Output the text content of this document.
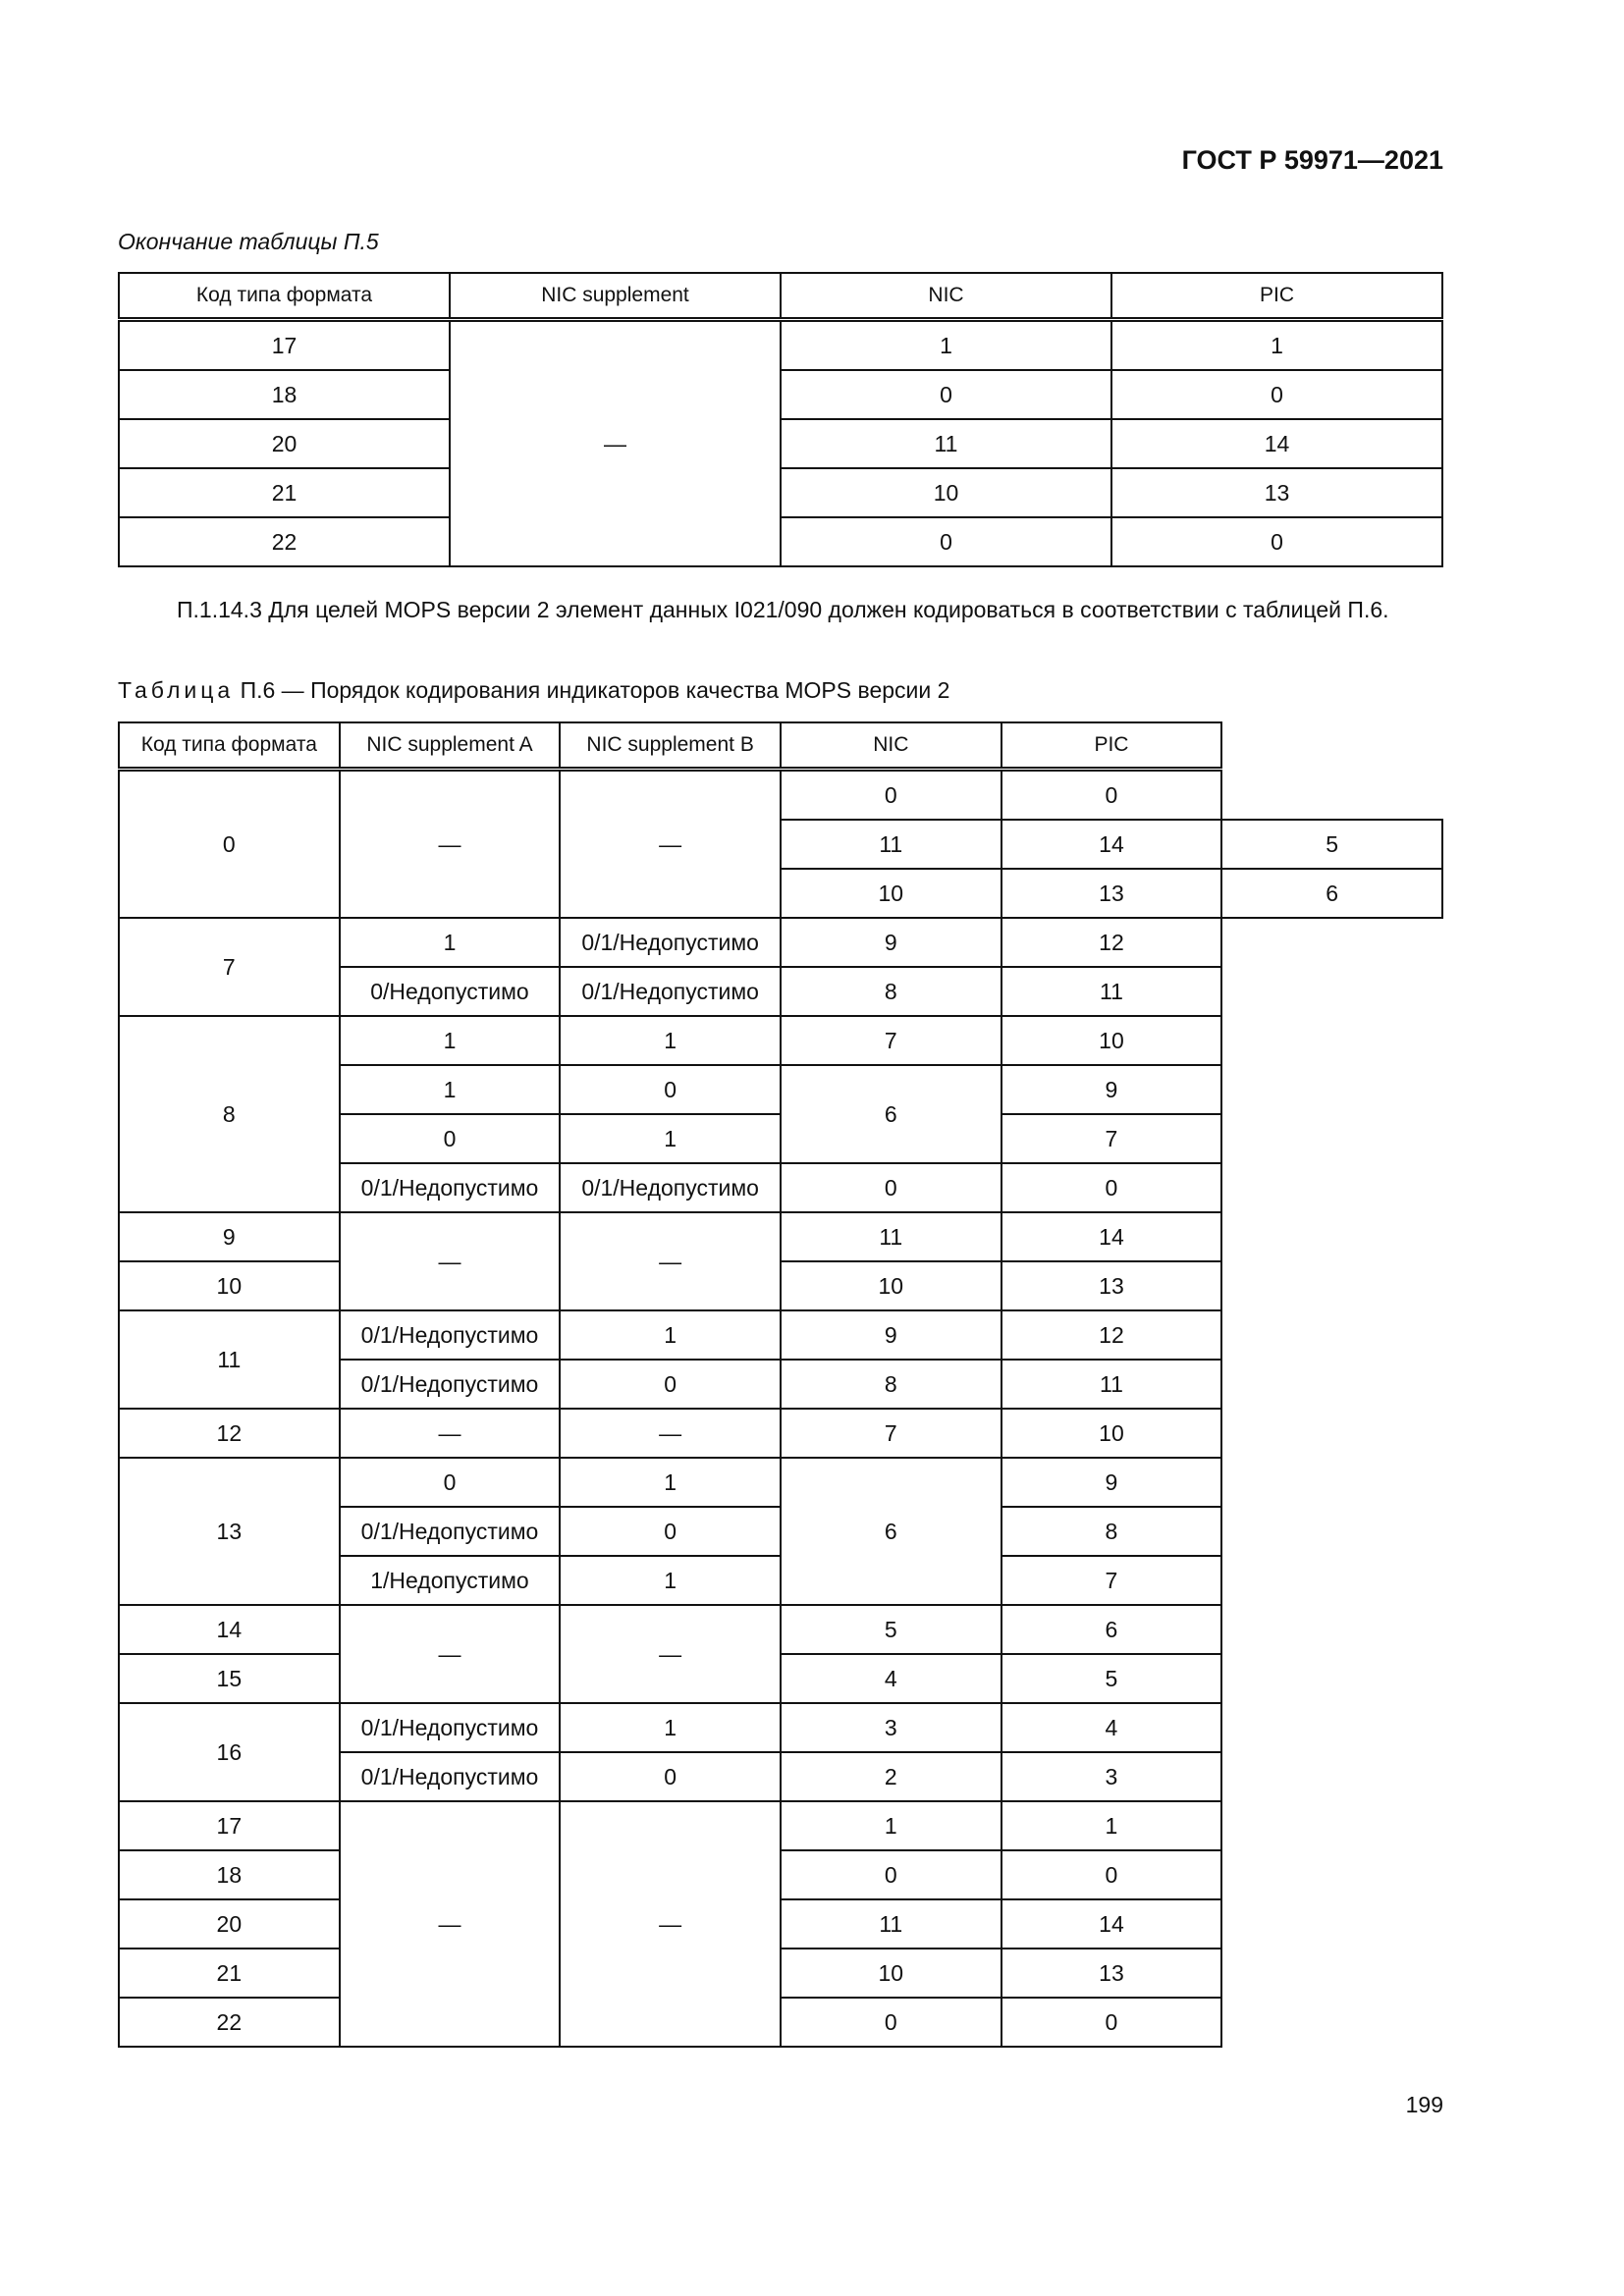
ГОСТ Р 59971—2021
Окончание таблицы П.5
Код типа формата	NIC supplement	NIC	PIC
17	—	1	1
18		0	0
20		11	14
21		10	13
22		0	0
П.1.14.3 Для целей MOPS версии 2 элемент данных I021/090 должен кодироваться в соответствии с таблицей П.6.
Таблица П.6 — Порядок кодирования индикаторов качества MOPS версии 2
Код типа формата	NIC supplement A	NIC supplement B	NIC	PIC	
0	—	—	0	0	
			11	14	5
			10	13	6
7	1	0/1/Недопустимо	9	12	
	0/Недопустимо	0/1/Недопустимо	8	11	
8	1	1	7	10	
	1	0	6	9	
	0	1		7	
	0/1/Недопустимо	0/1/Недопустимо	0	0	
9	—	—	11	14	
10			10	13	
11	0/1/Недопустимо	1	9	12	
	0/1/Недопустимо	0	8	11	
12	—	—	7	10	
13	0	1	6	9	
	0/1/Недопустимо	0		8	
	1/Недопустимо	1		7	
14	—	—	5	6	
15			4	5	
16	0/1/Недопустимо	1	3	4	
	0/1/Недопустимо	0	2	3	
17	—	—	1	1	
18			0	0	
20			11	14	
21			10	13	
22			0	0	
199
